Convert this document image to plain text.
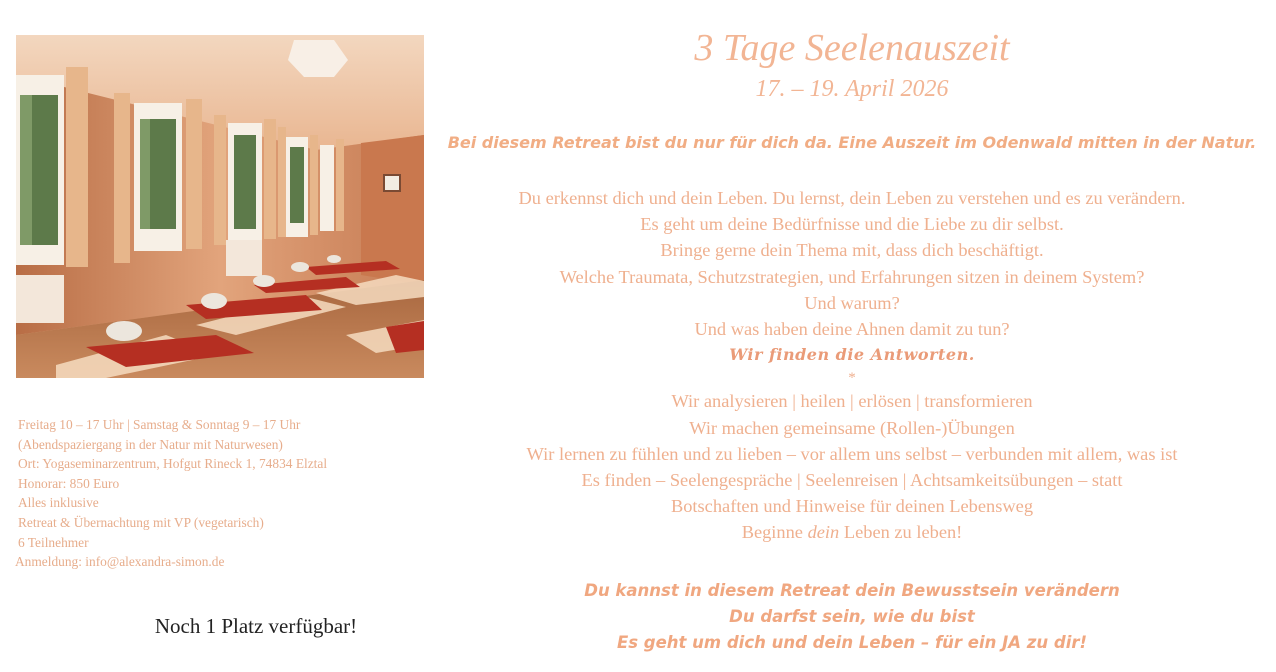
Freitag 10 – 17 Uhr | Samstag & Sonntag 9 – 17 Uhr
(Abendspaziergang in der Natur mit Naturwesen)
Ort: Yogaseminarzentrum, Hofgut Rineck 1, 74834 Elztal
Honorar: 850 Euro
Alles inklusive
Retreat & Übernachtung mit VP (vegetarisch)
6 Teilnehmer
Anmeldung: info@alexandra-simon.de
Noch 1 Platz verfügbar!
3 Tage Seelenauszeit
17. – 19. April 2026
Bei diesem Retreat bist du nur für dich da. Eine Auszeit im Odenwald mitten in der Natur.
Du erkennst dich und dein Leben. Du lernst, dein Leben zu verstehen und es zu verändern.
Es geht um deine Bedürfnisse und die Liebe zu dir selbst.
Bringe gerne dein Thema mit, dass dich beschäftigt.
Welche Traumata, Schutzstrategien, und Erfahrungen sitzen in deinem System?
Und warum?
Und was haben deine Ahnen damit zu tun?
Wir finden die Antworten.
*
Wir analysieren | heilen | erlösen | transformieren
Wir machen gemeinsame (Rollen-)Übungen
Wir lernen zu fühlen und zu lieben – vor allem uns selbst – verbunden mit allem, was ist
Es finden – Seelengespräche | Seelenreisen | Achtsamkeitsübungen – statt
Botschaften und Hinweise für deinen Lebensweg
Beginne dein Leben zu leben!
Du kannst in diesem Retreat dein Bewusstsein verändern
Du darfst sein, wie du bist
Es geht um dich und dein Leben – für ein JA zu dir!
